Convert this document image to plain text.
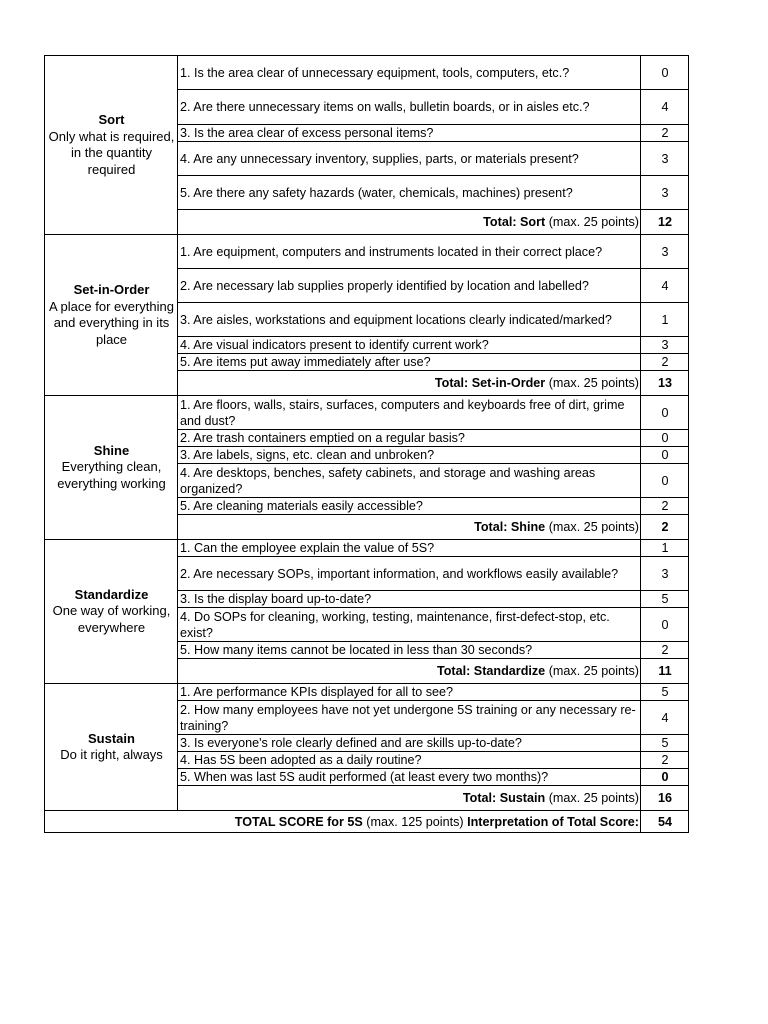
Sort
Only what is required, in the quantity required	1. Is the area clear of unnecessary equipment, tools, computers, etc.?	0
	2. Are there unnecessary items on walls, bulletin boards, or in aisles etc.?	4
	3. Is the area clear of excess personal items?	2
	4. Are any unnecessary inventory, supplies, parts, or materials present?	3
	5. Are there any safety hazards (water, chemicals, machines) present?	3
	Total: Sort (max. 25 points)	12

Set-in-Order
A place for everything and everything in its place	1. Are equipment, computers and instruments located in their correct place?	3
	2. Are necessary lab supplies properly identified by location and labelled?	4
	3. Are aisles, workstations and equipment locations clearly indicated/marked?	1
	4. Are visual indicators present to identify current work?	3
	5. Are items put away immediately after use?	2
	Total: Set-in-Order (max. 25 points)	13

Shine
Everything clean, everything working	1. Are floors, walls, stairs, surfaces, computers and keyboards free of dirt, grime and dust?	0
	2. Are trash containers emptied on a regular basis?	0
	3. Are labels, signs, etc. clean and unbroken?	0
	4. Are desktops, benches, safety cabinets, and storage and washing areas organized?	0
	5. Are cleaning materials easily accessible?	2
	Total: Shine (max. 25 points)	2

Standardize
One way of working, everywhere	1. Can the employee explain the value of 5S?	1
	2. Are necessary SOPs, important information, and workflows easily available?	3
	3. Is the display board up-to-date?	5
	4. Do SOPs for cleaning, working, testing, maintenance, first-defect-stop, etc. exist?	0
	5. How many items cannot be located in less than 30 seconds?	2
	Total: Standardize (max. 25 points)	11

Sustain
Do it right, always	1. Are performance KPIs displayed for all to see?	5
	2. How many employees have not yet undergone 5S training or any necessary re-training?	4
	3. Is everyone's role clearly defined and are skills up-to-date?	5
	4. Has 5S been adopted as a daily routine?	2
	5. When was last 5S audit performed (at least every two months)?	0
	Total: Sustain (max. 25 points)	16
TOTAL SCORE for 5S (max. 125 points) Interpretation of Total Score:		54
